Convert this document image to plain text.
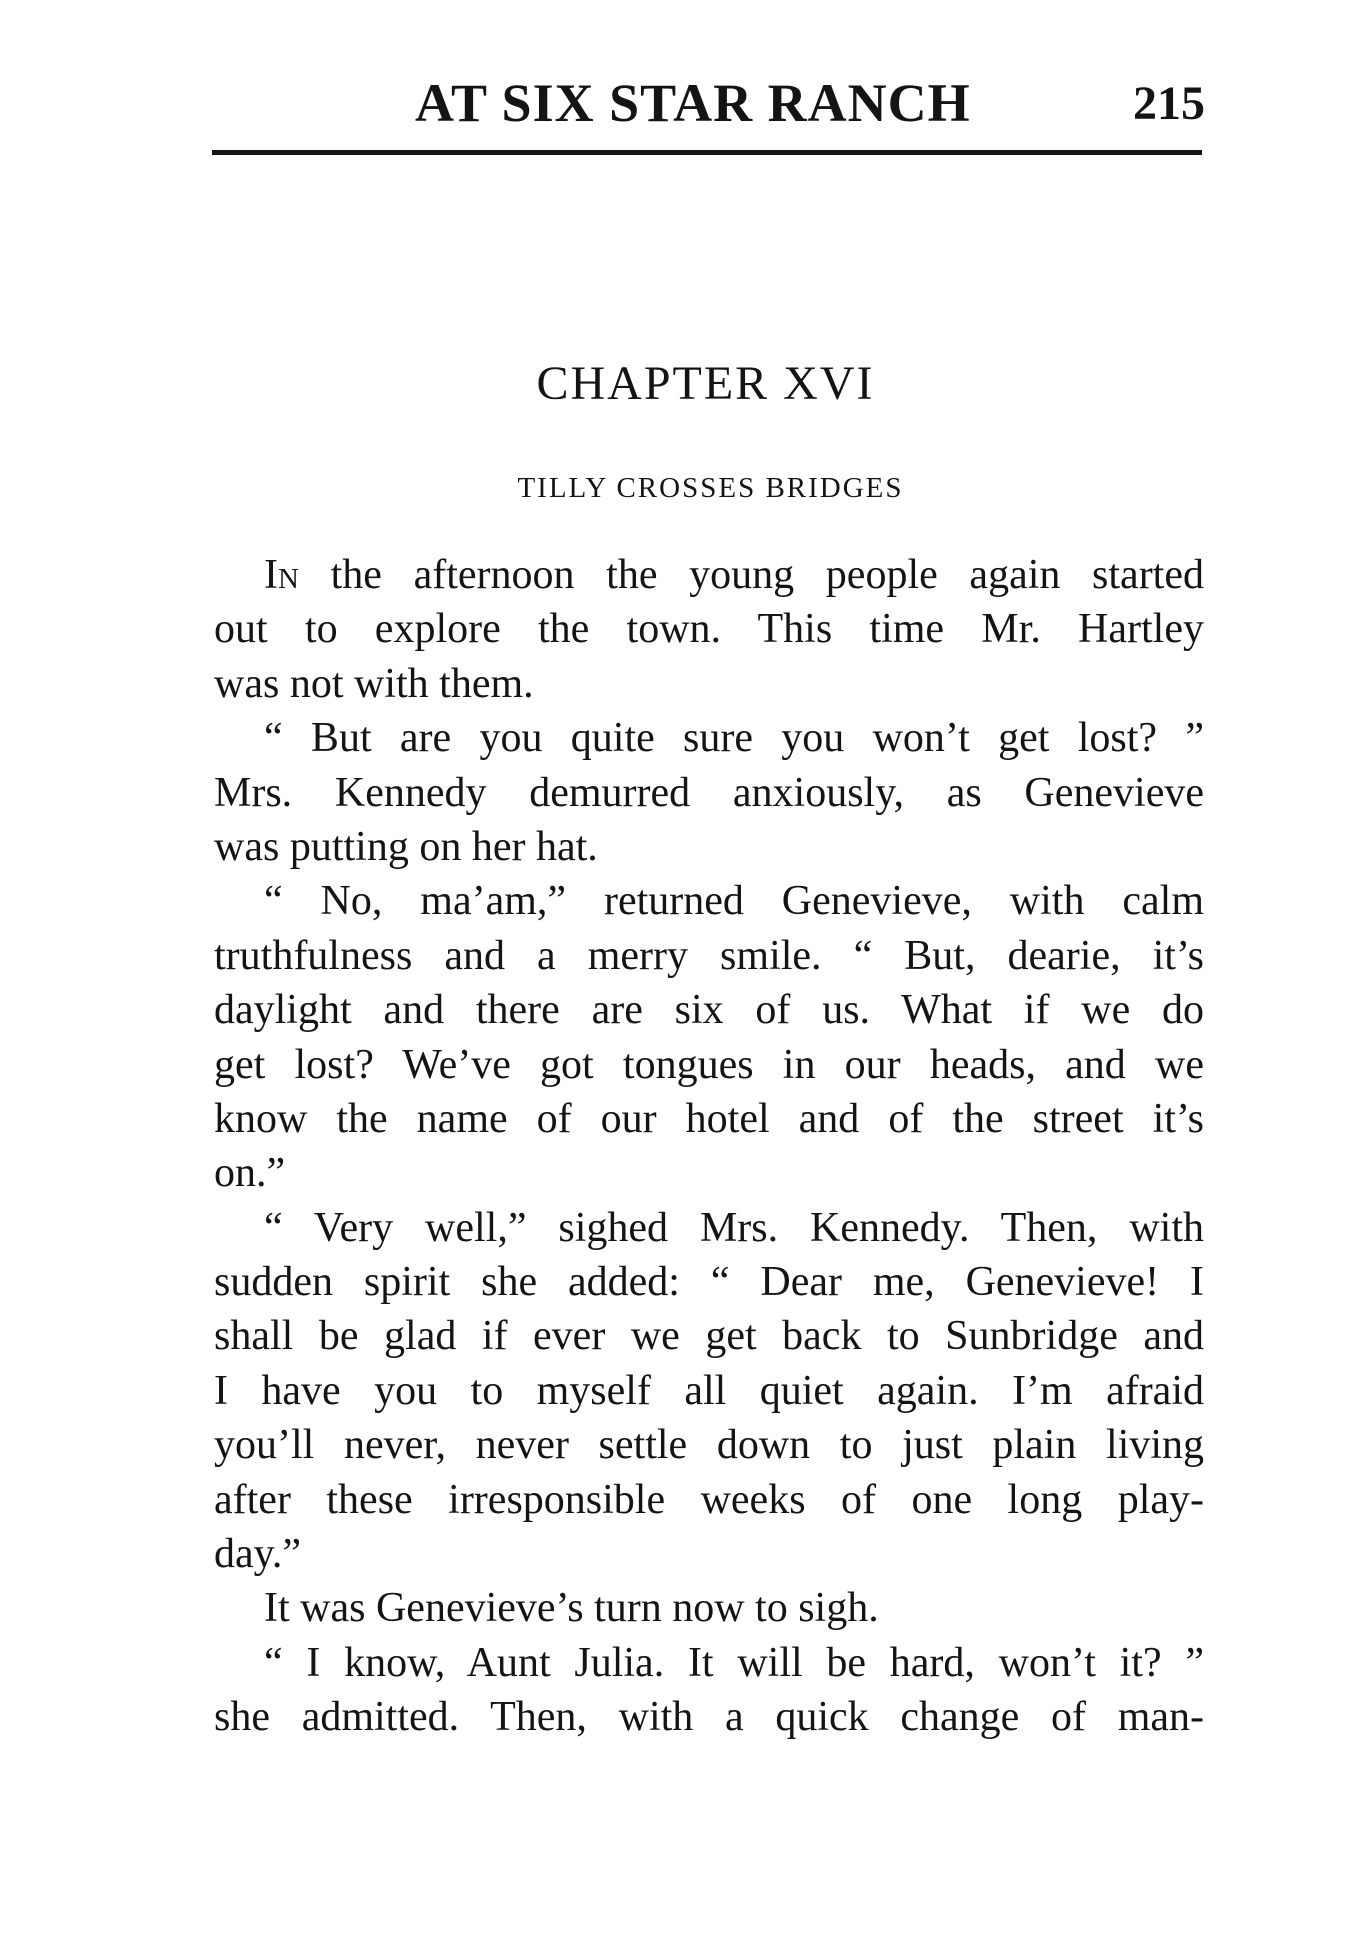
AT SIX STAR RANCH	215
CHAPTER XVI
TILLY CROSSES BRIDGES
In the afternoon the young people again started
out to explore the town. This time Mr. Hartley
was not with them.
“ But are you quite sure you won’t get lost? ”
Mrs. Kennedy demurred anxiously, as Genevieve
was putting on her hat.
“ No, ma’am,” returned Genevieve, with calm
truthfulness and a merry smile. “ But, dearie, it’s
daylight and there are six of us. What if we do
get lost? We’ve got tongues in our heads, and we
know the name of our hotel and of the street it’s
on.”
“ Very well,” sighed Mrs. Kennedy. Then, with
sudden spirit she added: “ Dear me, Genevieve! I
shall be glad if ever we get back to Sunbridge and
I have you to myself all quiet again. I’m afraid
you’ll never, never settle down to just plain living
after these irresponsible weeks of one long play-
day.”
It was Genevieve’s turn now to sigh.
“ I know, Aunt Julia. It will be hard, won’t it? ”
she admitted. Then, with a quick change of man-
